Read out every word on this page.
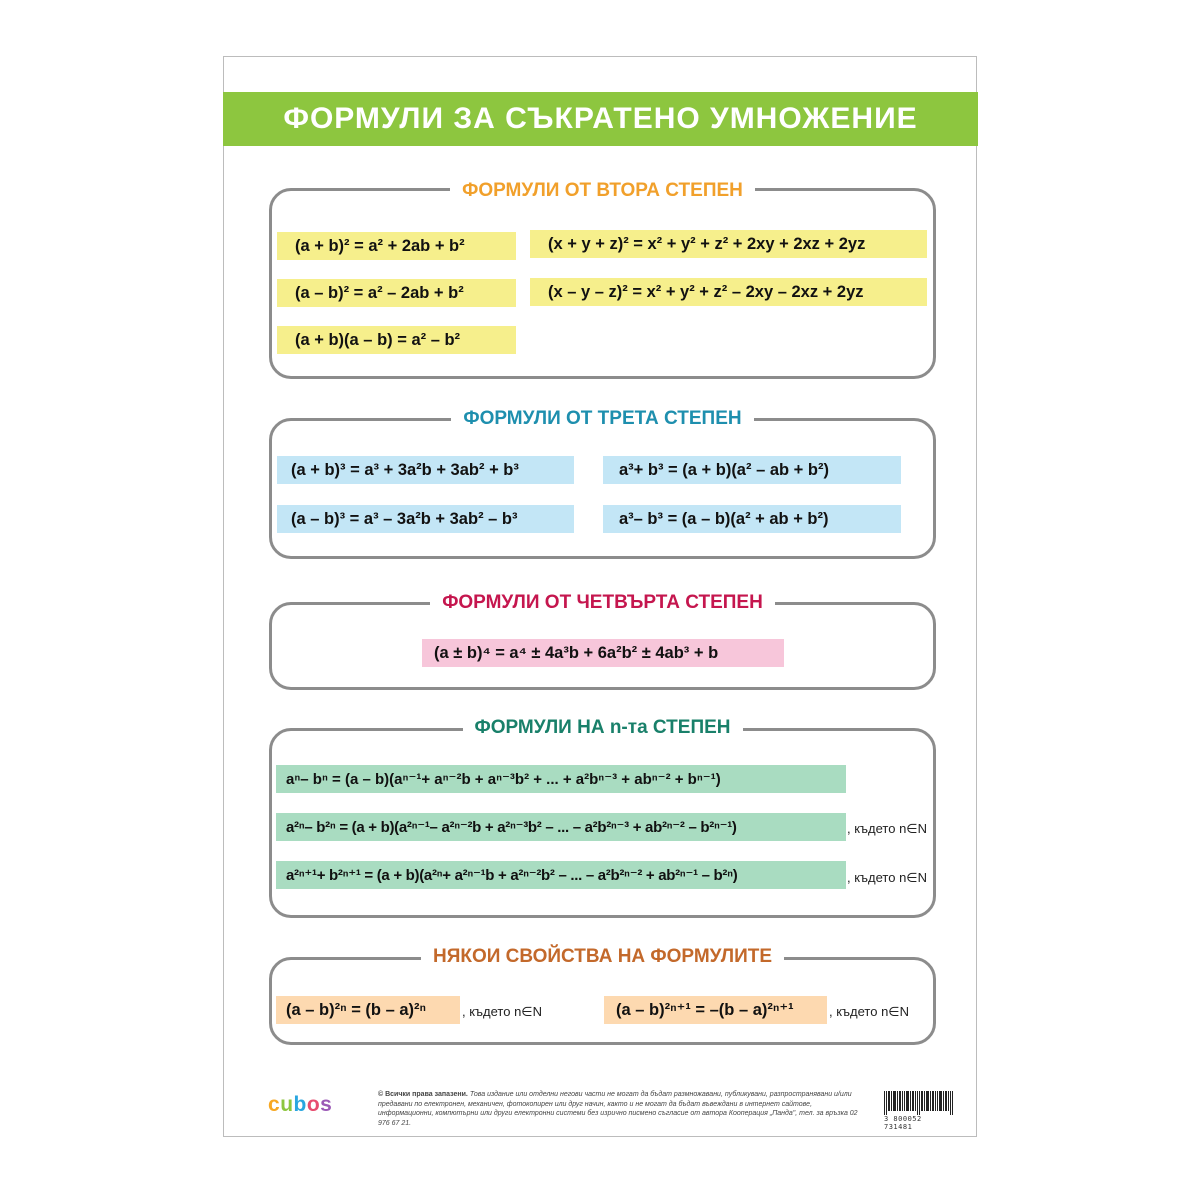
ФОРМУЛИ ЗА СЪКРАТЕНО УМНОЖЕНИЕ
ФОРМУЛИ ОТ ВТОРА СТЕПЕН
(a + b)² = a² + 2ab + b²
(a – b)² = a² – 2ab + b²
(a + b)(a – b) = a² – b²
(x + y + z)² = x² + y² + z² + 2xy + 2xz + 2yz
(x – y – z)² = x² + y² + z² – 2xy – 2xz + 2yz
ФОРМУЛИ ОТ ТРЕТА СТЕПЕН
(a + b)³ = a³ + 3a²b + 3ab² + b³
(a – b)³ = a³ – 3a²b + 3ab² – b³
a³+ b³ = (a + b)(a² – ab + b²)
a³– b³ = (a – b)(a² + ab + b²)
ФОРМУЛИ ОТ ЧЕТВЪРТА СТЕПЕН
(a ± b)⁴ = a⁴ ± 4a³b + 6a²b² ± 4ab³ + b
ФОРМУЛИ НА n-та СТЕПЕН
aⁿ– bⁿ = (a – b)(aⁿ⁻¹+ aⁿ⁻²b + aⁿ⁻³b² + ... + a²bⁿ⁻³ + abⁿ⁻² + bⁿ⁻¹)
a²ⁿ– b²ⁿ = (a + b)(a²ⁿ⁻¹– a²ⁿ⁻²b + a²ⁿ⁻³b² – ... – a²b²ⁿ⁻³ + ab²ⁿ⁻² – b²ⁿ⁻¹)	, където n∈N
a²ⁿ⁺¹+ b²ⁿ⁺¹ = (a + b)(a²ⁿ+ a²ⁿ⁻¹b + a²ⁿ⁻²b² – ... – a²b²ⁿ⁻² + ab²ⁿ⁻¹ – b²ⁿ)	, където n∈N
НЯКОИ СВОЙСТВА НА ФОРМУЛИТЕ
(a – b)²ⁿ = (b – a)²ⁿ	, където n∈N	(a – b)²ⁿ⁺¹ = –(b – a)²ⁿ⁺¹	, където n∈N
cubos	© Всички права запазени. Това издание или отделни негови части не могат да бъдат размножавани, публикувани, разпространявани и/или предавани по електронен, механичен, фотокопирен или друг начин, както и не могат да бъдат въвеждани в интернет сайтове, информационни, компютърни или други електронни системи без изрично писмено съгласие от автора Кооперация „Панда", тел. за връзка 02 976 67 21.	3 800052 731481
